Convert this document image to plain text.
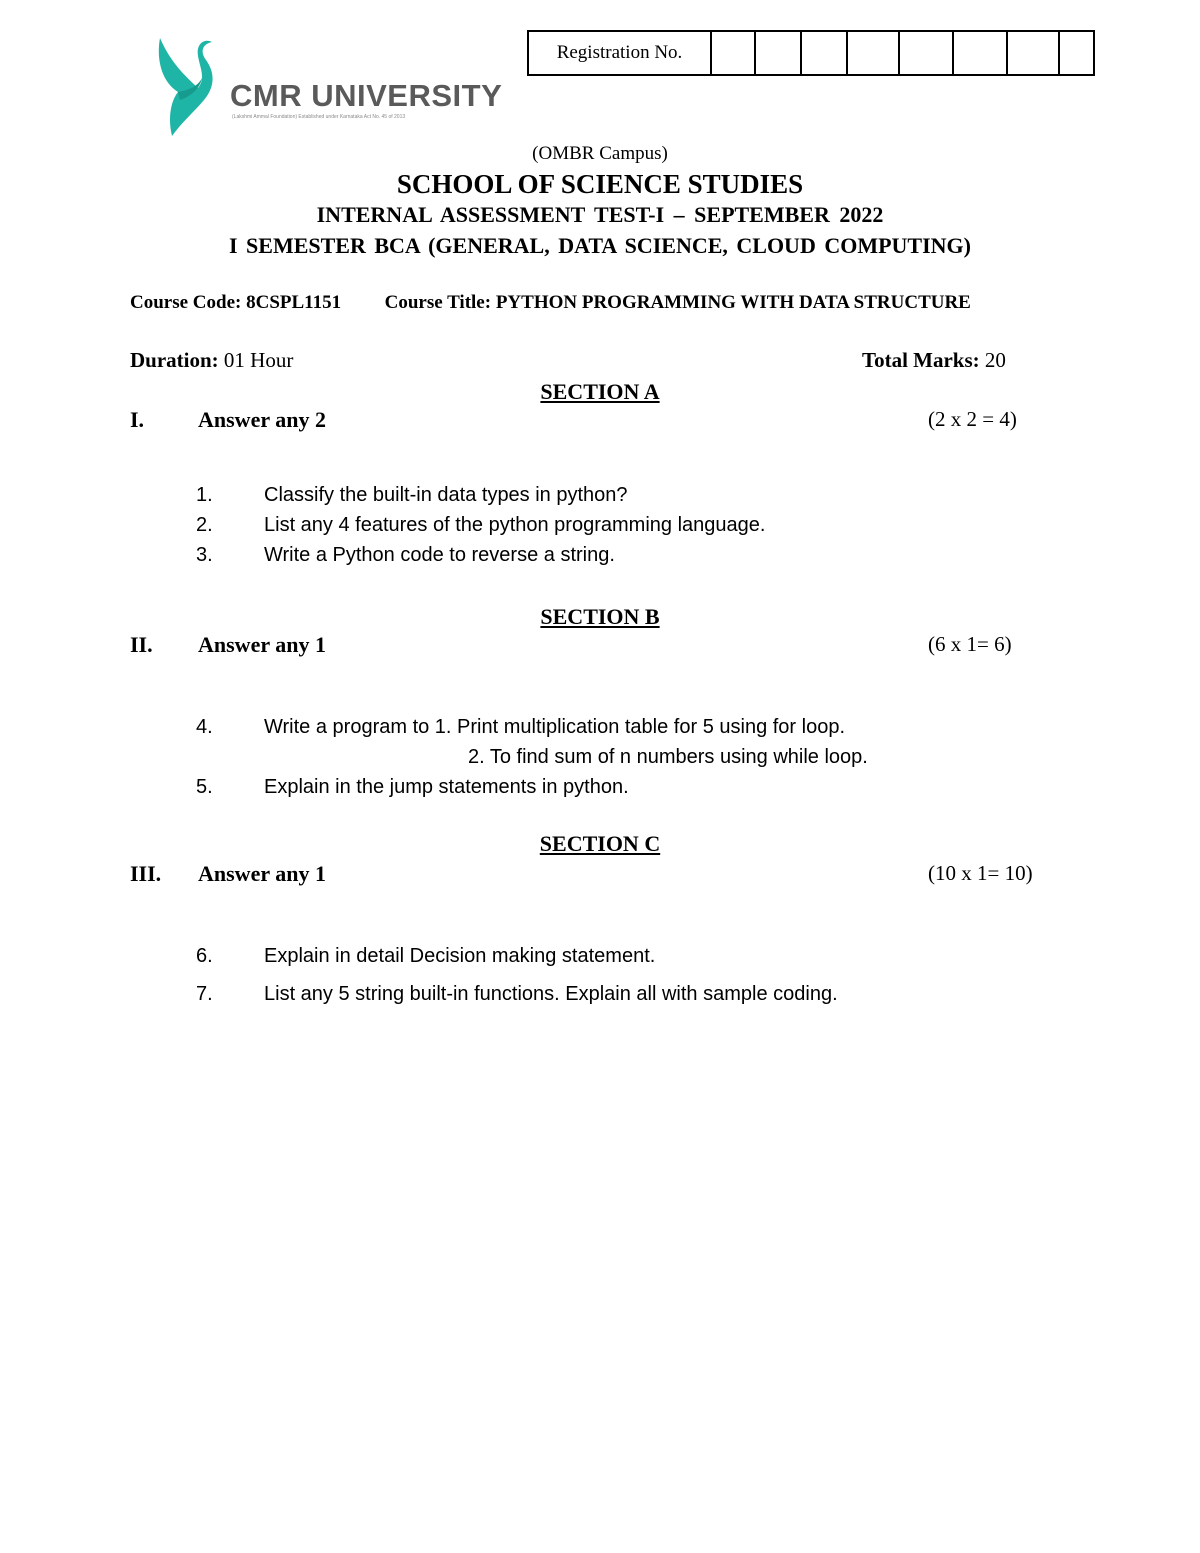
CMR UNIVERSITY
(Lakshmi Ammal Foundation) Established under Karnataka Act No. 45 of 2013
Registration No.
(OMBR Campus)
SCHOOL OF SCIENCE STUDIES
INTERNAL ASSESSMENT TEST-I – SEPTEMBER 2022
I SEMESTER BCA (GENERAL, DATA SCIENCE, CLOUD COMPUTING)
Course Code: 8CSPL1151 Course Title: PYTHON PROGRAMMING WITH DATA STRUCTURE
Duration: 01 Hour	Total Marks: 20
SECTION A
I. Answer any 2	(2 x 2 = 4)
1.	Classify the built-in data types in python?
2.	List any 4 features of the python programming language.
3.	Write a Python code to reverse a string.
SECTION B
II. Answer any 1	(6 x 1= 6)
4.	Write a program to 1. Print multiplication table for 5 using for loop.
2. To find sum of n numbers using while loop.
5.	Explain in the jump statements in python.
SECTION C
III. Answer any 1	(10 x 1= 10)
6.	Explain in detail Decision making statement.
7.	List any 5 string built-in functions. Explain all with sample coding.
